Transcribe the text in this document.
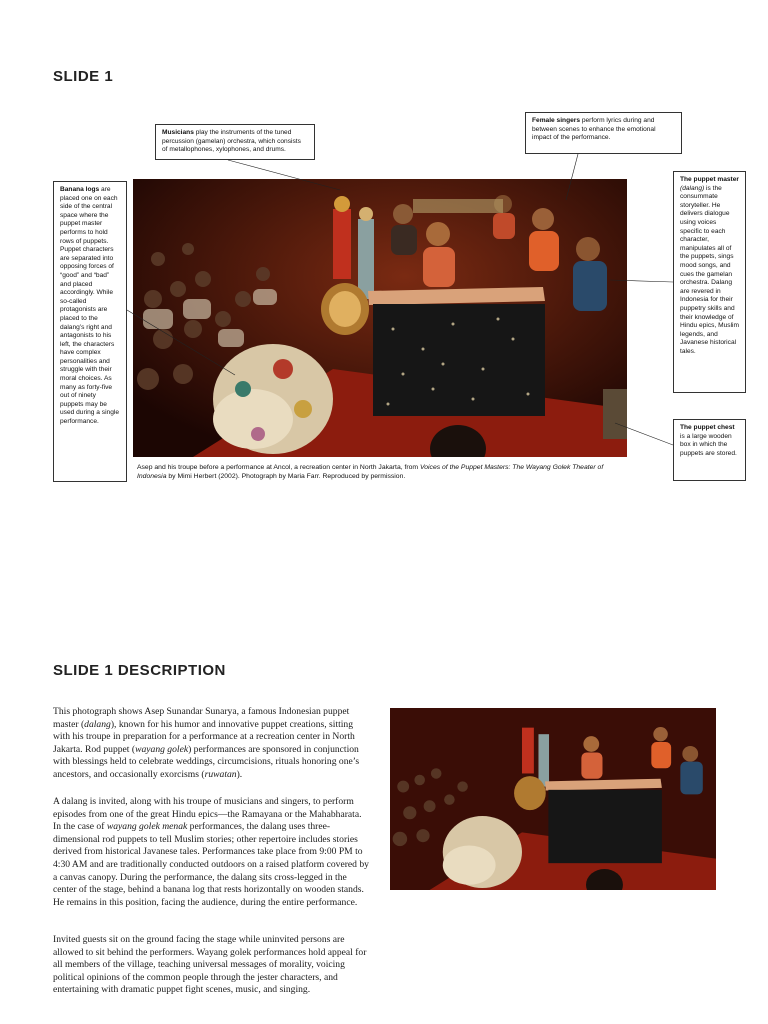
SLIDE 1
SLIDE 1 DESCRIPTION
Asep and his troupe before a performance at Ancol, a recreation center in North Jakarta, from Voices of the Puppet Masters: The Wayang Golek Theater of Indonesia by Mimi Herbert (2002). Photograph by Maria Farr. Reproduced by permission.
Musicians play the instruments of the tuned percussion (gamelan) orchestra, which consists of metallophones, xylophones, and drums.
Female singers perform lyrics during and between scenes to enhance the emotional impact of the performance.
Banana logs are placed one on each side of the central space where the puppet master performs to hold rows of puppets. Puppet characters are separated into opposing forces of “good” and “bad” and placed accordingly. While so-called protagonists are placed to the dalang’s right and antagonists to his left, the characters have complex personalities and struggle with their moral choices. As many as forty-five out of ninety puppets may be used during a single performance.
The puppet master (dalang) is the consummate storyteller. He delivers dialogue using voices specific to each character, manipulates all of the puppets, sings mood songs, and cues the gamelan orchestra. Dalang are revered in Indonesia for their puppetry skills and their knowledge of Hindu epics, Muslim legends, and Javanese historical tales.
The puppet chest is a large wooden box in which the puppets are stored.

This photograph shows Asep Sunandar Sunarya, a famous Indonesian puppet master (dalang), known for his humor and innovative puppet creations, sitting with his troupe in preparation for a performance at a recreation center in North Jakarta. Rod puppet (wayang golek) performances are sponsored in conjunction with blessings held to celebrate weddings, circumcisions, rituals honoring one’s ancestors, and occasionally exorcisms (ruwatan).

A dalang is invited, along with his troupe of musicians and singers, to perform episodes from one of the great Hindu epics—the Ramayana or the Mahabharata. In the case of wayang golek menak performances, the dalang uses three-dimensional rod puppets to tell Muslim stories; other repertoire includes stories derived from historical Javanese tales. Performances take place from 9:00 PM to 4:30 AM and are traditionally conducted outdoors on a raised platform covered by a canvas canopy. During the performance, the dalang sits cross-legged in the center of the stage, behind a banana log that rests horizontally on wooden stands. He remains in this position, facing the audience, during the entire performance.

Invited guests sit on the ground facing the stage while uninvited persons are allowed to sit behind the performers. Wayang golek performances hold appeal for all members of the village, teaching universal messages of morality, voicing political opinions of the common people through the jester characters, and entertaining with dramatic puppet fight scenes, music, and singing.
